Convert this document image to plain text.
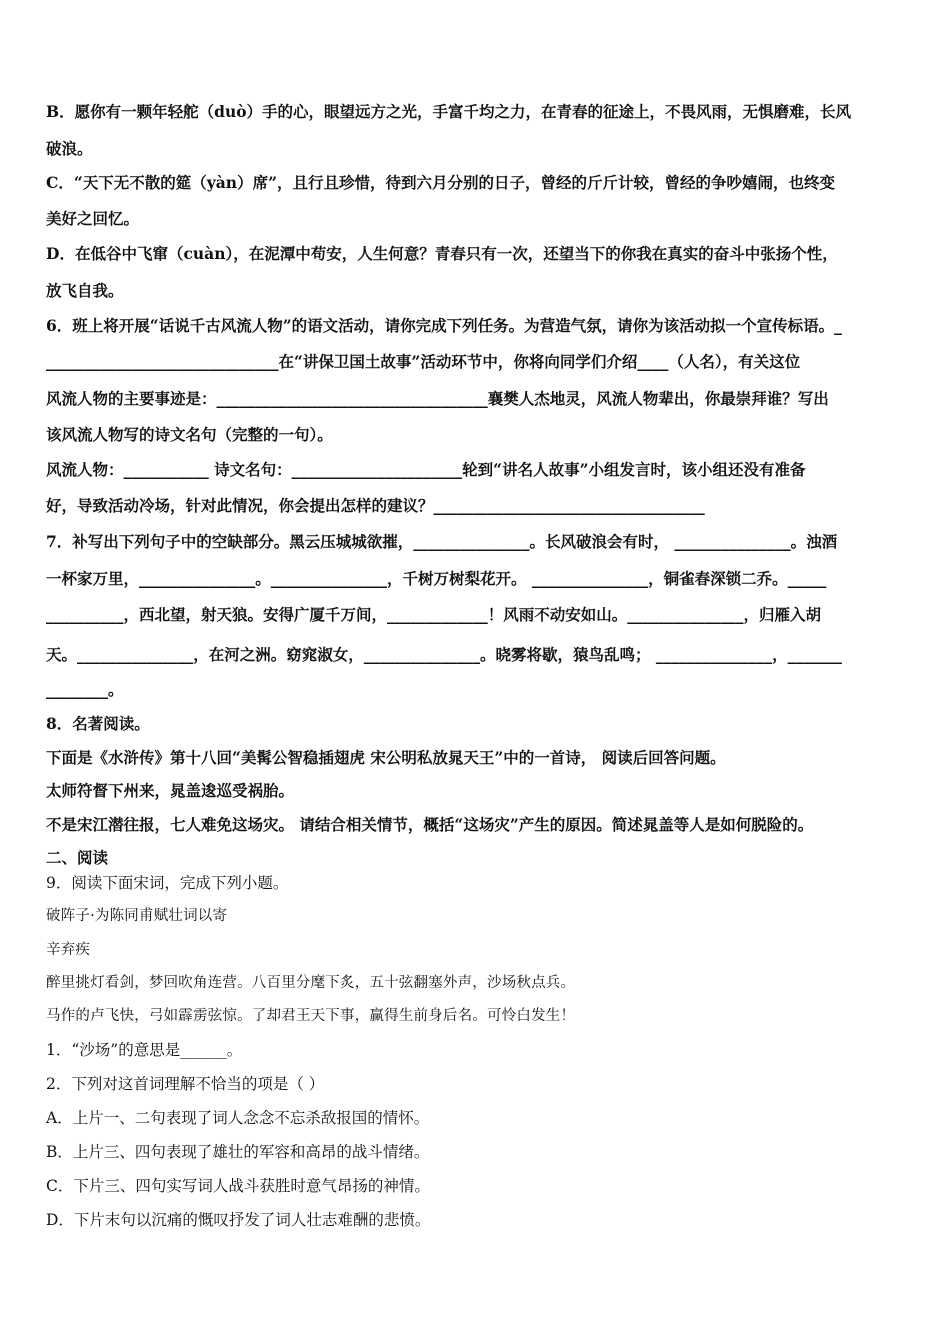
B．愿你有一颗年轻舵（duò）手的心，眼望远方之光，手富千均之力，在青春的征途上，不畏风雨，无惧磨难，长风
破浪。
C．“天下无不散的筵（yàn）席”，且行且珍惜，待到六月分别的日子，曾经的斤斤计较，曾经的争吵嬉闹，也终变
美好之回忆。
D．在低谷中飞窜（cuàn），在泥潭中苟安，人生何意？青春只有一次，还望当下的你我在真实的奋斗中张扬个性，
放飞自我。
6．班上将开展“话说千古风流人物”的语文活动，请你完成下列任务。为营造气氛，请你为该活动拟一个宣传标语。_
______________________________在“讲保卫国土故事”活动环节中，你将向同学们介绍____（人名），有关这位
风流人物的主要事迹是：___________________________________襄樊人杰地灵，风流人物辈出，你最崇拜谁？写出
该风流人物写的诗文名句（完整的一句）。
风流人物：___________ 诗文名句：______________________轮到“讲名人故事”小组发言时，该小组还没有准备
好，导致活动冷场，针对此情况，你会提出怎样的建议？___________________________________
7．补写出下列句子中的空缺部分。黑云压城城欲摧，_______________。长风破浪会有时， _______________。浊酒
一杯家万里，_______________。_______________，千树万树梨花开。 _______________，铜雀春深锁二乔。_____
__________，西北望，射天狼。安得广厦千万间，_____________！风雨不动安如山。_______________，归雁入胡
天。_______________，在河之洲。窈窕淑女，_______________。晓雾将歇，猿鸟乱鸣； _______________，_______
________。
8．名著阅读。
下面是《水浒传》第十八回“美髯公智稳插翅虎 宋公明私放晁天王”中的一首诗， 阅读后回答问题。
太师符督下州来，晁盖逡巡受祸胎。
不是宋江潜往报，七人难免这场灾。 请结合相关情节，概括“这场灾”产生的原因。简述晁盖等人是如何脱险的。
二、阅读
9．阅读下面宋词，完成下列小题。
破阵子·为陈同甫赋壮词以寄
辛弃疾
醉里挑灯看剑，梦回吹角连营。八百里分麾下炙，五十弦翻塞外声，沙场秋点兵。
马作的卢飞快，弓如霹雳弦惊。了却君王天下事，赢得生前身后名。可怜白发生！
1．“沙场”的意思是______。
2．下列对这首词理解不恰当的项是（ ）
A．上片一、二句表现了词人念念不忘杀敌报国的情怀。
B．上片三、四句表现了雄壮的军容和高昂的战斗情绪。
C．下片三、四句实写词人战斗获胜时意气昂扬的神情。
D．下片末句以沉痛的慨叹抒发了词人壮志难酬的悲愤。
